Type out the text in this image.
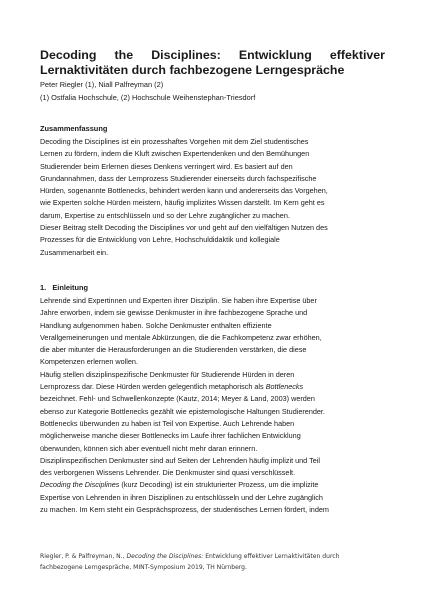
Decoding the Disciplines: Entwicklung effektiver
Lernaktivitäten durch fachbezogene Lerngespräche
Peter Riegler (1), Niall Palfreyman (2)
(1) Ostfalia Hochschule, (2) Hochschule Weihenstephan-Triesdorf
Zusammenfassung
Decoding the Disciplines ist ein prozesshaftes Vorgehen mit dem Ziel studentisches
Lernen zu fördern, indem die Kluft zwischen Expertendenken und den Bemühungen
Studierender beim Erlernen dieses Denkens verringert wird. Es basiert auf den
Grundannahmen, dass der Lernprozess Studierender einerseits durch fachspezifische
Hürden, sogenannte Bottlenecks, behindert werden kann und andererseits das Vorgehen,
wie Experten solche Hürden meistern, häufig implizites Wissen darstellt. Im Kern geht es
darum, Expertise zu entschlüsseln und so der Lehre zugänglicher zu machen.
Dieser Beitrag stellt Decoding the Disciplines vor und geht auf den vielfältigen Nutzen des
Prozesses für die Entwicklung von Lehre, Hochschuldidaktik und kollegiale
Zusammenarbeit ein.
1. Einleitung
Lehrende sind Expertinnen und Experten ihrer Disziplin. Sie haben ihre Expertise über
Jahre erworben, indem sie gewisse Denkmuster in ihre fachbezogene Sprache und
Handlung aufgenommen haben. Solche Denkmuster enthalten effiziente
Verallgemeinerungen und mentale Abkürzungen, die die Fachkompetenz zwar erhöhen,
die aber mitunter die Herausforderungen an die Studierenden verstärken, die diese
Kompetenzen erlernen wollen.
Häufig stellen disziplinspezifische Denkmuster für Studierende Hürden in deren
Lernprozess dar. Diese Hürden werden gelegentlich metaphorisch als Bottlenecks
bezeichnet. Fehl- und Schwellenkonzepte (Kautz, 2014; Meyer & Land, 2003) werden
ebenso zur Kategorie Bottlenecks gezählt wie epistemologische Haltungen Studierender.
Bottlenecks überwunden zu haben ist Teil von Expertise. Auch Lehrende haben
möglicherweise manche dieser Bottlenecks im Laufe ihrer fachlichen Entwicklung
überwunden, können sich aber eventuell nicht mehr daran erinnern.
Disziplinspezifischen Denkmuster sind auf Seiten der Lehrenden häufig implizit und Teil
des verborgenen Wissens Lehrender. Die Denkmuster sind quasi verschlüsselt.
Decoding the Disciplines (kurz Decoding) ist ein strukturierter Prozess, um die implizite
Expertise von Lehrenden in ihren Disziplinen zu entschlüsseln und der Lehre zugänglich
zu machen. Im Kern steht ein Gesprächsprozess, der studentisches Lernen fördert, indem
Riegler, P. & Palfreyman, N., Decoding the Disciplines: Entwicklung effektiver Lernaktivitäten durch
fachbezogene Lerngespräche, MINT-Symposium 2019, TH Nürnberg.
